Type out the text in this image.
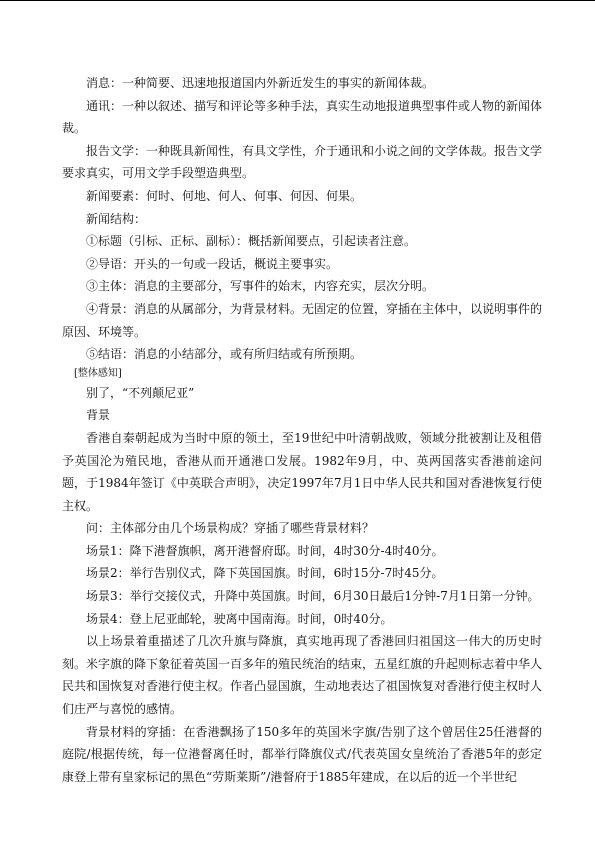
消息：一种简要、迅速地报道国内外新近发生的事实的新闻体裁。

通讯：一种以叙述、描写和评论等多种手法，真实生动地报道典型事件或人物的新闻体裁。

报告文学：一种既具新闻性，有具文学性，介于通讯和小说之间的文学体裁。报告文学要求真实，可用文学手段塑造典型。

新闻要素：何时、何地、何人、何事、何因、何果。

新闻结构：

①标题（引标、正标、副标）：概括新闻要点，引起读者注意。

②导语：开头的一句或一段话，概说主要事实。

③主体：消息的主要部分，写事件的始末，内容充实，层次分明。

④背景：消息的从属部分，为背景材料。无固定的位置，穿插在主体中，以说明事件的原因、环境等。

⑤结语：消息的小结部分，或有所归结或有所预期。

[整体感知]

别了，“不列颠尼亚”

背景

香港自秦朝起成为当时中原的领土，至19世纪中叶清朝战败，领域分批被割让及租借予英国沦为殖民地，香港从而开通港口发展。1982年9月，中、英两国落实香港前途问题，于1984年签订《中英联合声明》，决定1997年7月1日中华人民共和国对香港恢复行使主权。

问：主体部分由几个场景构成？穿插了哪些背景材料？

场景1：降下港督旗帜，离开港督府邸。时间，4时30分-4时40分。

场景2：举行告别仪式，降下英国国旗。时间，6时15分-7时45分。

场景3：举行交接仪式，升降中英国旗。时间，6月30日最后1分钟-7月1日第一分钟。

场景4：登上尼亚邮轮，驶离中国南海。时间，0时40分。

以上场景着重描述了几次升旗与降旗，真实地再现了香港回归祖国这一伟大的历史时刻。米字旗的降下象征着英国一百多年的殖民统治的结束，五星红旗的升起则标志着中华人民共和国恢复对香港行使主权。作者凸显国旗，生动地表达了祖国恢复对香港行使主权时人们庄严与喜悦的感情。

背景材料的穿插：在香港飘扬了150多年的英国米字旗/告别了这个曾居住25任港督的庭院/根据传统，每一位港督离任时，都举行降旗仪式/代表英国女皇统治了香港5年的彭定康登上带有皇家标记的黑色“劳斯莱斯”/港督府于1885年建成，在以后的近一个半世纪
